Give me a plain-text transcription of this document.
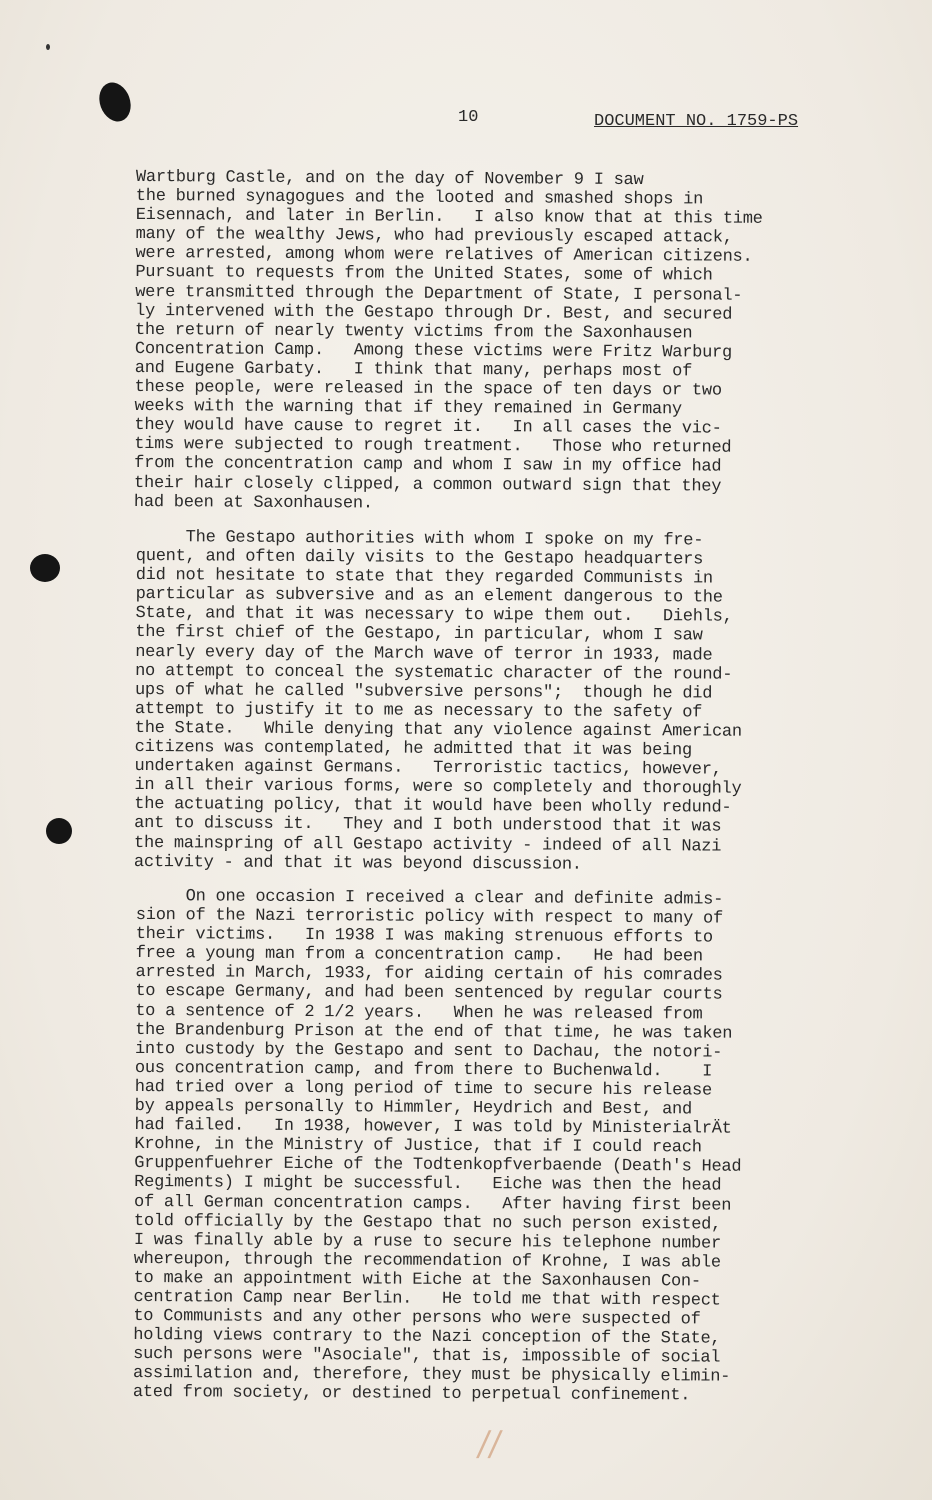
10	DOCUMENT NO. 1759-PS
Wartburg Castle, and on the day of November 9 I saw
the burned synagogues and the looted and smashed shops in
Eisennach, and later in Berlin.   I also know that at this time
many of the wealthy Jews, who had previously escaped attack,
were arrested, among whom were relatives of American citizens.
Pursuant to requests from the United States, some of which
were transmitted through the Department of State, I personal-
ly intervened with the Gestapo through Dr. Best, and secured
the return of nearly twenty victims from the Saxonhausen
Concentration Camp.   Among these victims were Fritz Warburg
and Eugene Garbaty.   I think that many, perhaps most of
these people, were released in the space of ten days or two
weeks with the warning that if they remained in Germany
they would have cause to regret it.   In all cases the vic-
tims were subjected to rough treatment.   Those who returned
from the concentration camp and whom I saw in my office had
their hair closely clipped, a common outward sign that they
had been at Saxonhausen.
The Gestapo authorities with whom I spoke on my fre-
quent, and often daily visits to the Gestapo headquarters
did not hesitate to state that they regarded Communists in
particular as subversive and as an element dangerous to the
State, and that it was necessary to wipe them out.   Diehls,
the first chief of the Gestapo, in particular, whom I saw
nearly every day of the March wave of terror in 1933, made
no attempt to conceal the systematic character of the round-
ups of what he called "subversive persons";  though he did
attempt to justify it to me as necessary to the safety of
the State.   While denying that any violence against American
citizens was contemplated, he admitted that it was being
undertaken against Germans.   Terroristic tactics, however,
in all their various forms, were so completely and thoroughly
the actuating policy, that it would have been wholly redund-
ant to discuss it.   They and I both understood that it was
the mainspring of all Gestapo activity - indeed of all Nazi
activity - and that it was beyond discussion.
On one occasion I received a clear and definite admis-
sion of the Nazi terroristic policy with respect to many of
their victims.   In 1938 I was making strenuous efforts to
free a young man from a concentration camp.   He had been
arrested in March, 1933, for aiding certain of his comrades
to escape Germany, and had been sentenced by regular courts
to a sentence of 2 1/2 years.   When he was released from
the Brandenburg Prison at the end of that time, he was taken
into custody by the Gestapo and sent to Dachau, the notori-
ous concentration camp, and from there to Buchenwald.    I
had tried over a long period of time to secure his release
by appeals personally to Himmler, Heydrich and Best, and
had failed.   In 1938, however, I was told by MinisterialrÄt
Krohne, in the Ministry of Justice, that if I could reach
Gruppenfuehrer Eiche of the Todtenkopfverbaende (Death's Head
Regiments) I might be successful.   Eiche was then the head
of all German concentration camps.   After having first been
told officially by the Gestapo that no such person existed,
I was finally able by a ruse to secure his telephone number
whereupon, through the recommendation of Krohne, I was able
to make an appointment with Eiche at the Saxonhausen Con-
centration Camp near Berlin.   He told me that with respect
to Communists and any other persons who were suspected of
holding views contrary to the Nazi conception of the State,
such persons were "Asociale", that is, impossible of social
assimilation and, therefore, they must be physically elimin-
ated from society, or destined to perpetual confinement.
//
